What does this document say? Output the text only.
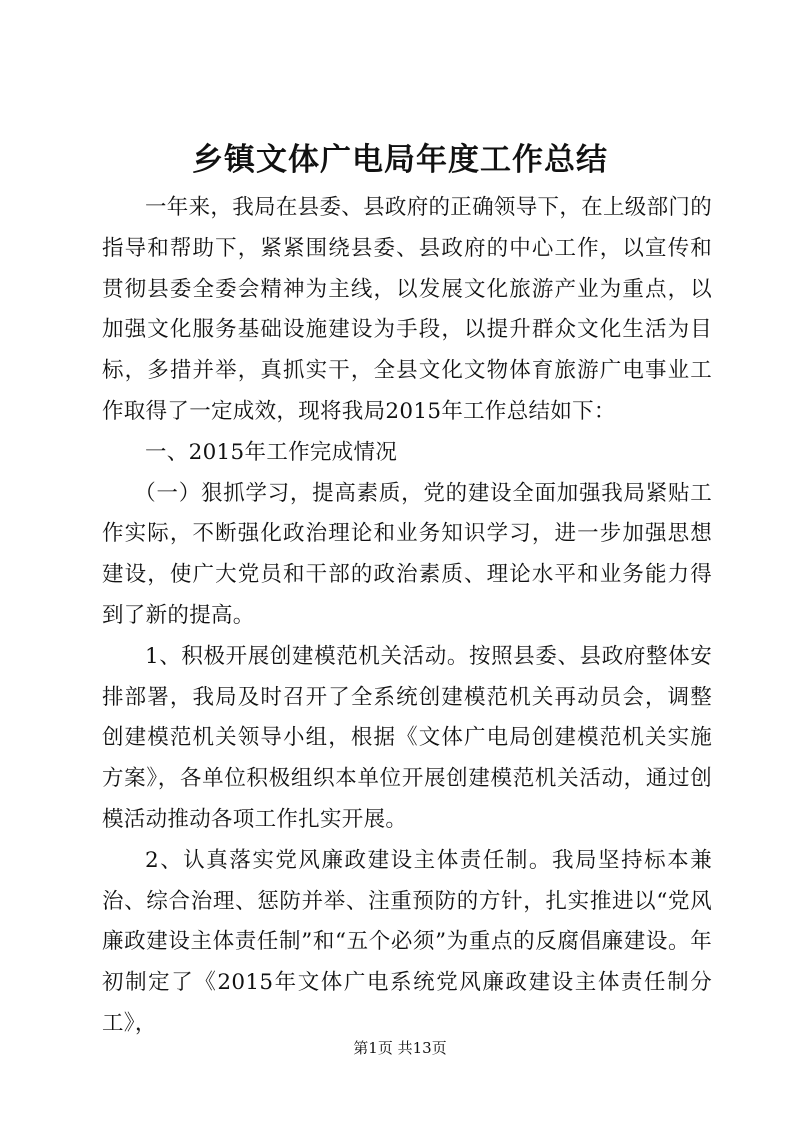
乡镇文体广电局年度工作总结

一年来，我局在县委、县政府的正确领导下，在上级部门的指导和帮助下，紧紧围绕县委、县政府的中心工作，以宣传和贯彻县委全委会精神为主线，以发展文化旅游产业为重点，以加强文化服务基础设施建设为手段，以提升群众文化生活为目标，多措并举，真抓实干，全县文化文物体育旅游广电事业工作取得了一定成效，现将我局2015年工作总结如下：

一、2015年工作完成情况

（一）狠抓学习，提高素质，党的建设全面加强我局紧贴工作实际，不断强化政治理论和业务知识学习，进一步加强思想建设，使广大党员和干部的政治素质、理论水平和业务能力得到了新的提高。

1、积极开展创建模范机关活动。按照县委、县政府整体安排部署，我局及时召开了全系统创建模范机关再动员会，调整创建模范机关领导小组，根据《文体广电局创建模范机关实施方案》，各单位积极组织本单位开展创建模范机关活动，通过创模活动推动各项工作扎实开展。

2、认真落实党风廉政建设主体责任制。我局坚持标本兼治、综合治理、惩防并举、注重预防的方针，扎实推进以“党风廉政建设主体责任制”和“五个必须”为重点的反腐倡廉建设。年初制定了《2015年文体广电系统党风廉政建设主体责任制分工》，

第1页 共13页
